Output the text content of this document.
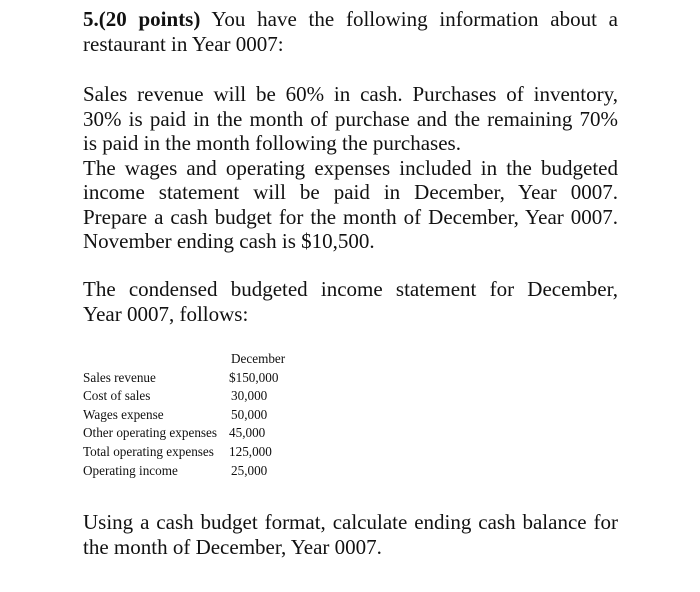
5.(20 points) You have the following information about a
restaurant in Year 0007:

Sales revenue will be 60% in cash. Purchases of inventory,
30% is paid in the month of purchase and the remaining 70%
is paid in the month following the purchases.
The wages and operating expenses included in the budgeted
income statement will be paid in December, Year 0007.
Prepare a cash budget for the month of December, Year 0007.
November ending cash is $10,500.

The condensed budgeted income statement for December,
Year 0007, follows:

December
Sales revenue	$150,000
Cost of sales	30,000
Wages expense	50,000
Other operating expenses 45,000
Total operating expenses 125,000
Operating income	25,000

Using a cash budget format, calculate ending cash balance for
the month of December, Year 0007.
